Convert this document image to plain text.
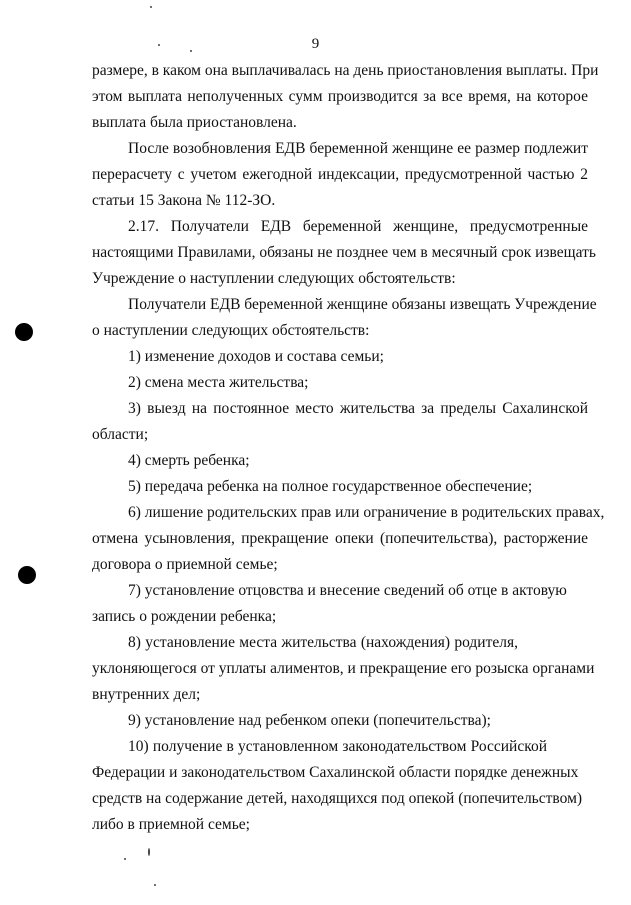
9
размере, в каком она выплачивалась на день приостановления выплаты. При
этом выплата неполученных сумм производится за все время, на которое
выплата была приостановлена.
После возобновления ЕДВ беременной женщине ее размер подлежит
перерасчету с учетом ежегодной индексации, предусмотренной частью 2
статьи 15 Закона № 112-ЗО.
2.17. Получатели ЕДВ беременной женщине, предусмотренные
настоящими Правилами, обязаны не позднее чем в месячный срок извещать
Учреждение о наступлении следующих обстоятельств:
Получатели ЕДВ беременной женщине обязаны извещать Учреждение
о наступлении следующих обстоятельств:
1) изменение доходов и состава семьи;
2) смена места жительства;
3) выезд на постоянное место жительства за пределы Сахалинской
области;
4) смерть ребенка;
5) передача ребенка на полное государственное обеспечение;
6) лишение родительских прав или ограничение в родительских правах,
отмена усыновления, прекращение опеки (попечительства), расторжение
договора о приемной семье;
7) установление отцовства и внесение сведений об отце в актовую
запись о рождении ребенка;
8) установление места жительства (нахождения) родителя,
уклоняющегося от уплаты алиментов, и прекращение его розыска органами
внутренних дел;
9) установление над ребенком опеки (попечительства);
10) получение в установленном законодательством Российской
Федерации и законодательством Сахалинской области порядке денежных
средств на содержание детей, находящихся под опекой (попечительством)
либо в приемной семье;
